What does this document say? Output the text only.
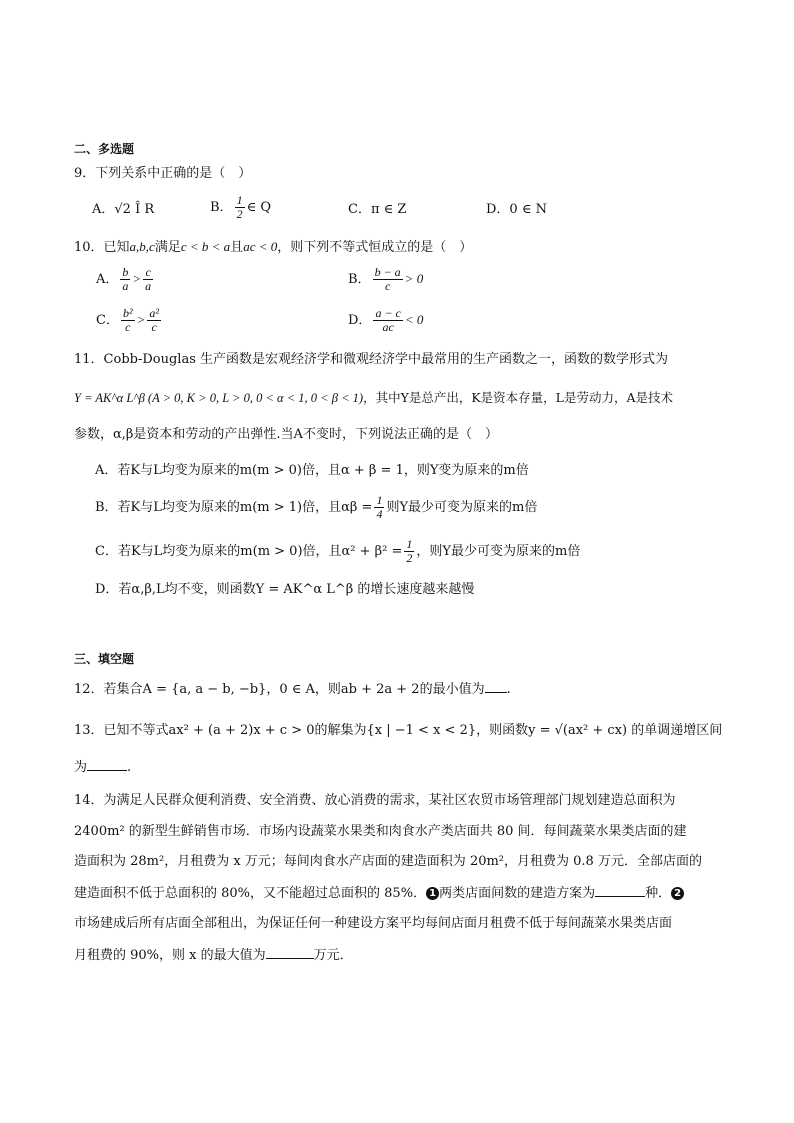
二、多选题
9．下列关系中正确的是（　）
A．√2 Î R	B． $\frac{1}{2}$ ∈ Q	C．π ∈ Z	D．0 ∈ N
10．已知a,b,c满足c < b < a且ac < 0，则下列不等式恒成立的是（　）
A． $\frac{b}{a} > \frac{c}{a}$	B． $\frac{b - a}{c} > 0$
C． $\frac{\text{b²}}{c} > \frac{\text{a²}}{c}$	D． $\frac{a - c}{ac} < 0$
11．Cobb-Douglas 生产函数是宏观经济学和微观经济学中最常用的生产函数之一，函数的数学形式为
Y = AK^α L^β (A > 0, K > 0, L > 0, 0 < α < 1, 0 < β < 1)，其中Y是总产出，K是资本存量，L是劳动力，A是技术
参数，α,β是资本和劳动的产出弹性.当A不变时，下列说法正确的是（　）
A．若K与L均变为原来的m(m > 0)倍，且α + β = 1，则Y变为原来的m倍
B．若K与L均变为原来的m(m > 1)倍，且$\alpha\beta = \frac{1}{4}$ 则Y最少可变为原来的m倍
C．若K与L均变为原来的m(m > 0)倍，且$\alpha^2 + \beta^2 = \frac{1}{2}$ ，则Y最少可变为原来的m倍
D．若α,β,L均不变，则函数Y = AK^α L^β 的增长速度越来越慢
三、填空题
12．若集合A = {a, a − b, −b}，0 ∈ A，则ab + 2a + 2的最小值为 .
13．已知不等式ax² + (a + 2)x + c > 0的解集为{x | −1 < x < 2}，则函数y = √(ax² + cx) 的单调递增区间
为	.
14．为满足人民群众便利消费、安全消费、放心消费的需求，某社区农贸市场管理部门规划建造总面积为
2400m² 的新型生鲜销售市场．市场内设蔬菜水果类和肉食水产类店面共 80 间．每间蔬菜水果类店面的建
造面积为 28m²，月租费为 x 万元；每间肉食水产店面的建造面积为 20m²，月租费为 0.8 万元．全部店面的
建造面积不低于总面积的 80%，又不能超过总面积的 85%． 1 两类店面间数的建造方案为	种． 2
市场建成后所有店面全部租出，为保证任何一种建设方案平均每间店面月租费不低于每间蔬菜水果类店面
月租费的 90%，则 x 的最大值为	万元．
